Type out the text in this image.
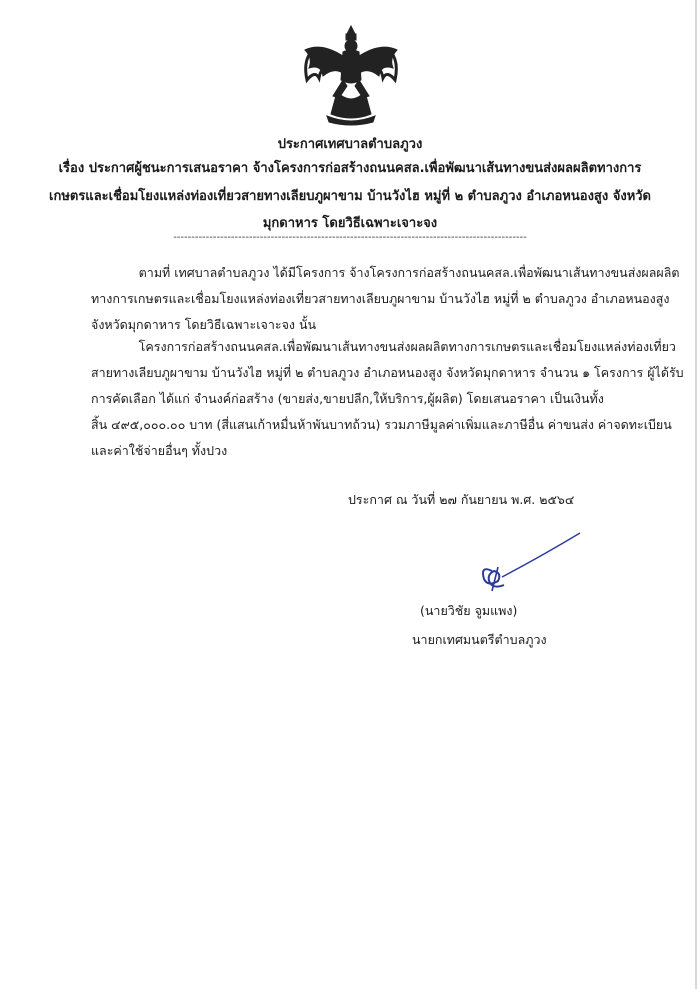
ประกาศเทศบาลตำบลภูวง
เรื่อง ประกาศผู้ชนะการเสนอราคา จ้างโครงการก่อสร้างถนนคสล.เพื่อพัฒนาเส้นทางขนส่งผลผลิตทางการ
เกษตรและเชื่อมโยงแหล่งท่องเที่ยวสายทางเลียบภูผาขาม บ้านวังไฮ หมู่ที่ ๒ ตำบลภูวง อำเภอหนองสูง จังหวัด
มุกดาหาร โดยวิธีเฉพาะเจาะจง
--------------------------------------------------------------------------------------------------
ตามที่ เทศบาลตำบลภูวง ได้มีโครงการ จ้างโครงการก่อสร้างถนนคสล.เพื่อพัฒนาเส้นทางขนส่งผลผลิต
ทางการเกษตรและเชื่อมโยงแหล่งท่องเที่ยวสายทางเลียบภูผาขาม บ้านวังไฮ หมู่ที่ ๒ ตำบลภูวง อำเภอหนองสูง
จังหวัดมุกดาหาร โดยวิธีเฉพาะเจาะจง นั้น
โครงการก่อสร้างถนนคสล.เพื่อพัฒนาเส้นทางขนส่งผลผลิตทางการเกษตรและเชื่อมโยงแหล่งท่องเที่ยว
สายทางเลียบภูผาขาม บ้านวังไฮ หมู่ที่ ๒ ตำบลภูวง อำเภอหนองสูง จังหวัดมุกดาหาร จำนวน ๑ โครงการ ผู้ได้รับ
การคัดเลือก ได้แก่ จำนงค์ก่อสร้าง (ขายส่ง,ขายปลีก,ให้บริการ,ผู้ผลิต) โดยเสนอราคา เป็นเงินทั้ง
สิ้น ๔๙๕,๐๐๐.๐๐ บาท (สี่แสนเก้าหมื่นห้าพันบาทถ้วน) รวมภาษีมูลค่าเพิ่มและภาษีอื่น ค่าขนส่ง ค่าจดทะเบียน
และค่าใช้จ่ายอื่นๆ ทั้งปวง
ประกาศ ณ วันที่ ๒๗ กันยายน พ.ศ. ๒๕๖๔
(นายวิชัย จูมแพง)
นายกเทศมนตรีตำบลภูวง
